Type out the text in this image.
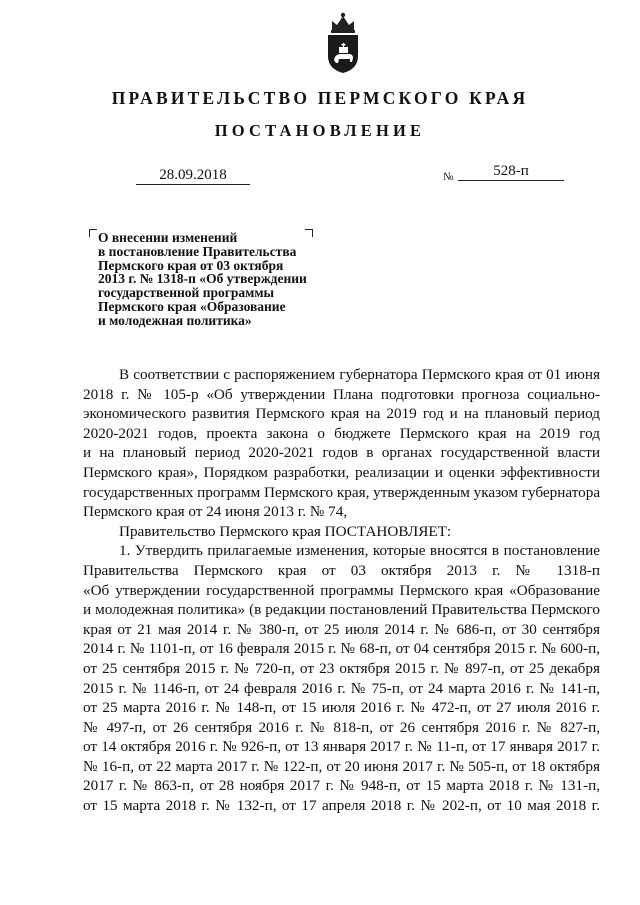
ПРАВИТЕЛЬСТВО ПЕРМСКОГО КРАЯ
ПОСТАНОВЛЕНИЕ
28.09.2018	№	528-п
О внесении изменений
в постановление Правительства
Пермского края от 03 октября
2013 г. № 1318-п «Об утверждении
государственной программы
Пермского края «Образование
и молодежная политика»
В соответствии с распоряжением губернатора Пермского края от 01 июня
2018 г. № 105-р «Об утверждении Плана подготовки прогноза социально-
экономического развития Пермского края на 2019 год и на плановый период
2020-2021 годов, проекта закона о бюджете Пермского края на 2019 год
и на плановый период 2020-2021 годов в органах государственной власти
Пермского края», Порядком разработки, реализации и оценки эффективности
государственных программ Пермского края, утвержденным указом губернатора
Пермского края от 24 июня 2013 г. № 74,
Правительство Пермского края ПОСТАНОВЛЯЕТ:
1. Утвердить прилагаемые изменения, которые вносятся в постановление
Правительства Пермского края от 03 октября 2013 г. № 1318-п
«Об утверждении государственной программы Пермского края «Образование
и молодежная политика» (в редакции постановлений Правительства Пермского
края от 21 мая 2014 г. № 380-п, от 25 июля 2014 г. № 686-п, от 30 сентября
2014 г. № 1101-п, от 16 февраля 2015 г. № 68-п, от 04 сентября 2015 г. № 600-п,
от 25 сентября 2015 г. № 720-п, от 23 октября 2015 г. № 897-п, от 25 декабря
2015 г. № 1146-п, от 24 февраля 2016 г. № 75-п, от 24 марта 2016 г. № 141-п,
от 25 марта 2016 г. № 148-п, от 15 июля 2016 г. № 472-п, от 27 июля 2016 г.
№ 497-п, от 26 сентября 2016 г. № 818-п, от 26 сентября 2016 г. № 827-п,
от 14 октября 2016 г. № 926-п, от 13 января 2017 г. № 11-п, от 17 января 2017 г.
№ 16-п, от 22 марта 2017 г. № 122-п, от 20 июня 2017 г. № 505-п, от 18 октября
2017 г. № 863-п, от 28 ноября 2017 г. № 948-п, от 15 марта 2018 г. № 131-п,
от 15 марта 2018 г. № 132-п, от 17 апреля 2018 г. № 202-п, от 10 мая 2018 г.
